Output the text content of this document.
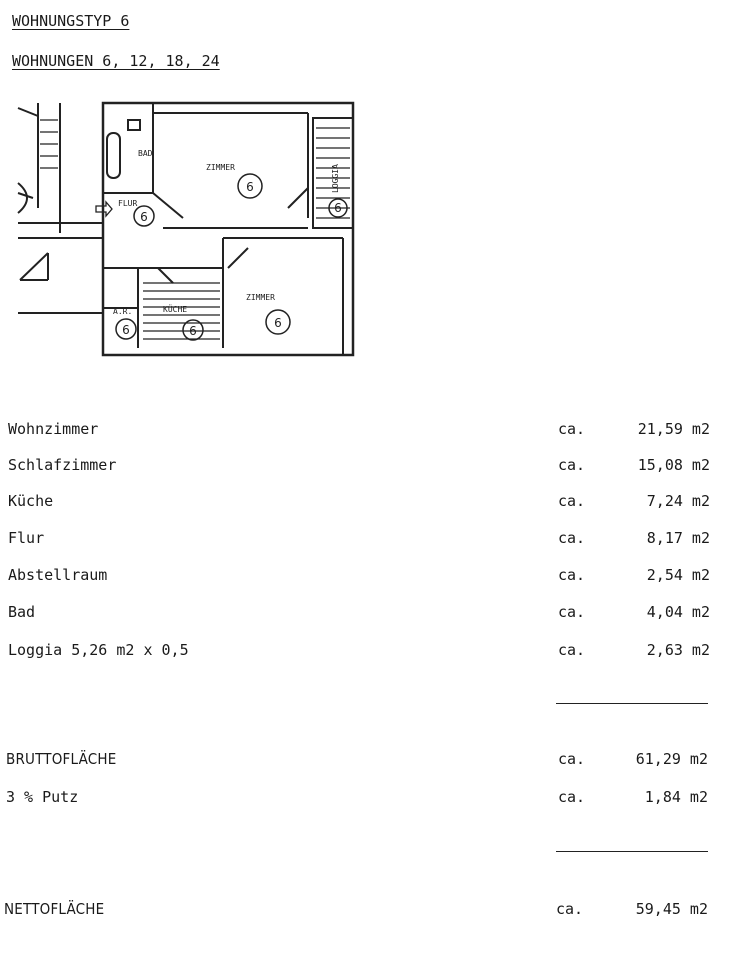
WOHNUNGSTYP 6
WOHNUNGEN 6, 12, 18, 24
ZIMMER
ZIMMER
BAD
FLUR
KÜCHE
A.R.
LOGGIA
6
6
6
6
6
6
Wohnzimmer	ca.	21,59 m2
Schlafzimmer	ca.	15,08 m2
Küche	ca.	7,24 m2
Flur	ca.	8,17 m2
Abstellraum	ca.	2,54 m2
Bad	ca.	4,04 m2
Loggia 5,26 m2 x 0,5	ca.	2,63 m2
BRUTTOFLÄCHE	ca.	61,29 m2
3 % Putz	ca.	1,84 m2
NETTOFLÄCHE	ca.	59,45 m2
